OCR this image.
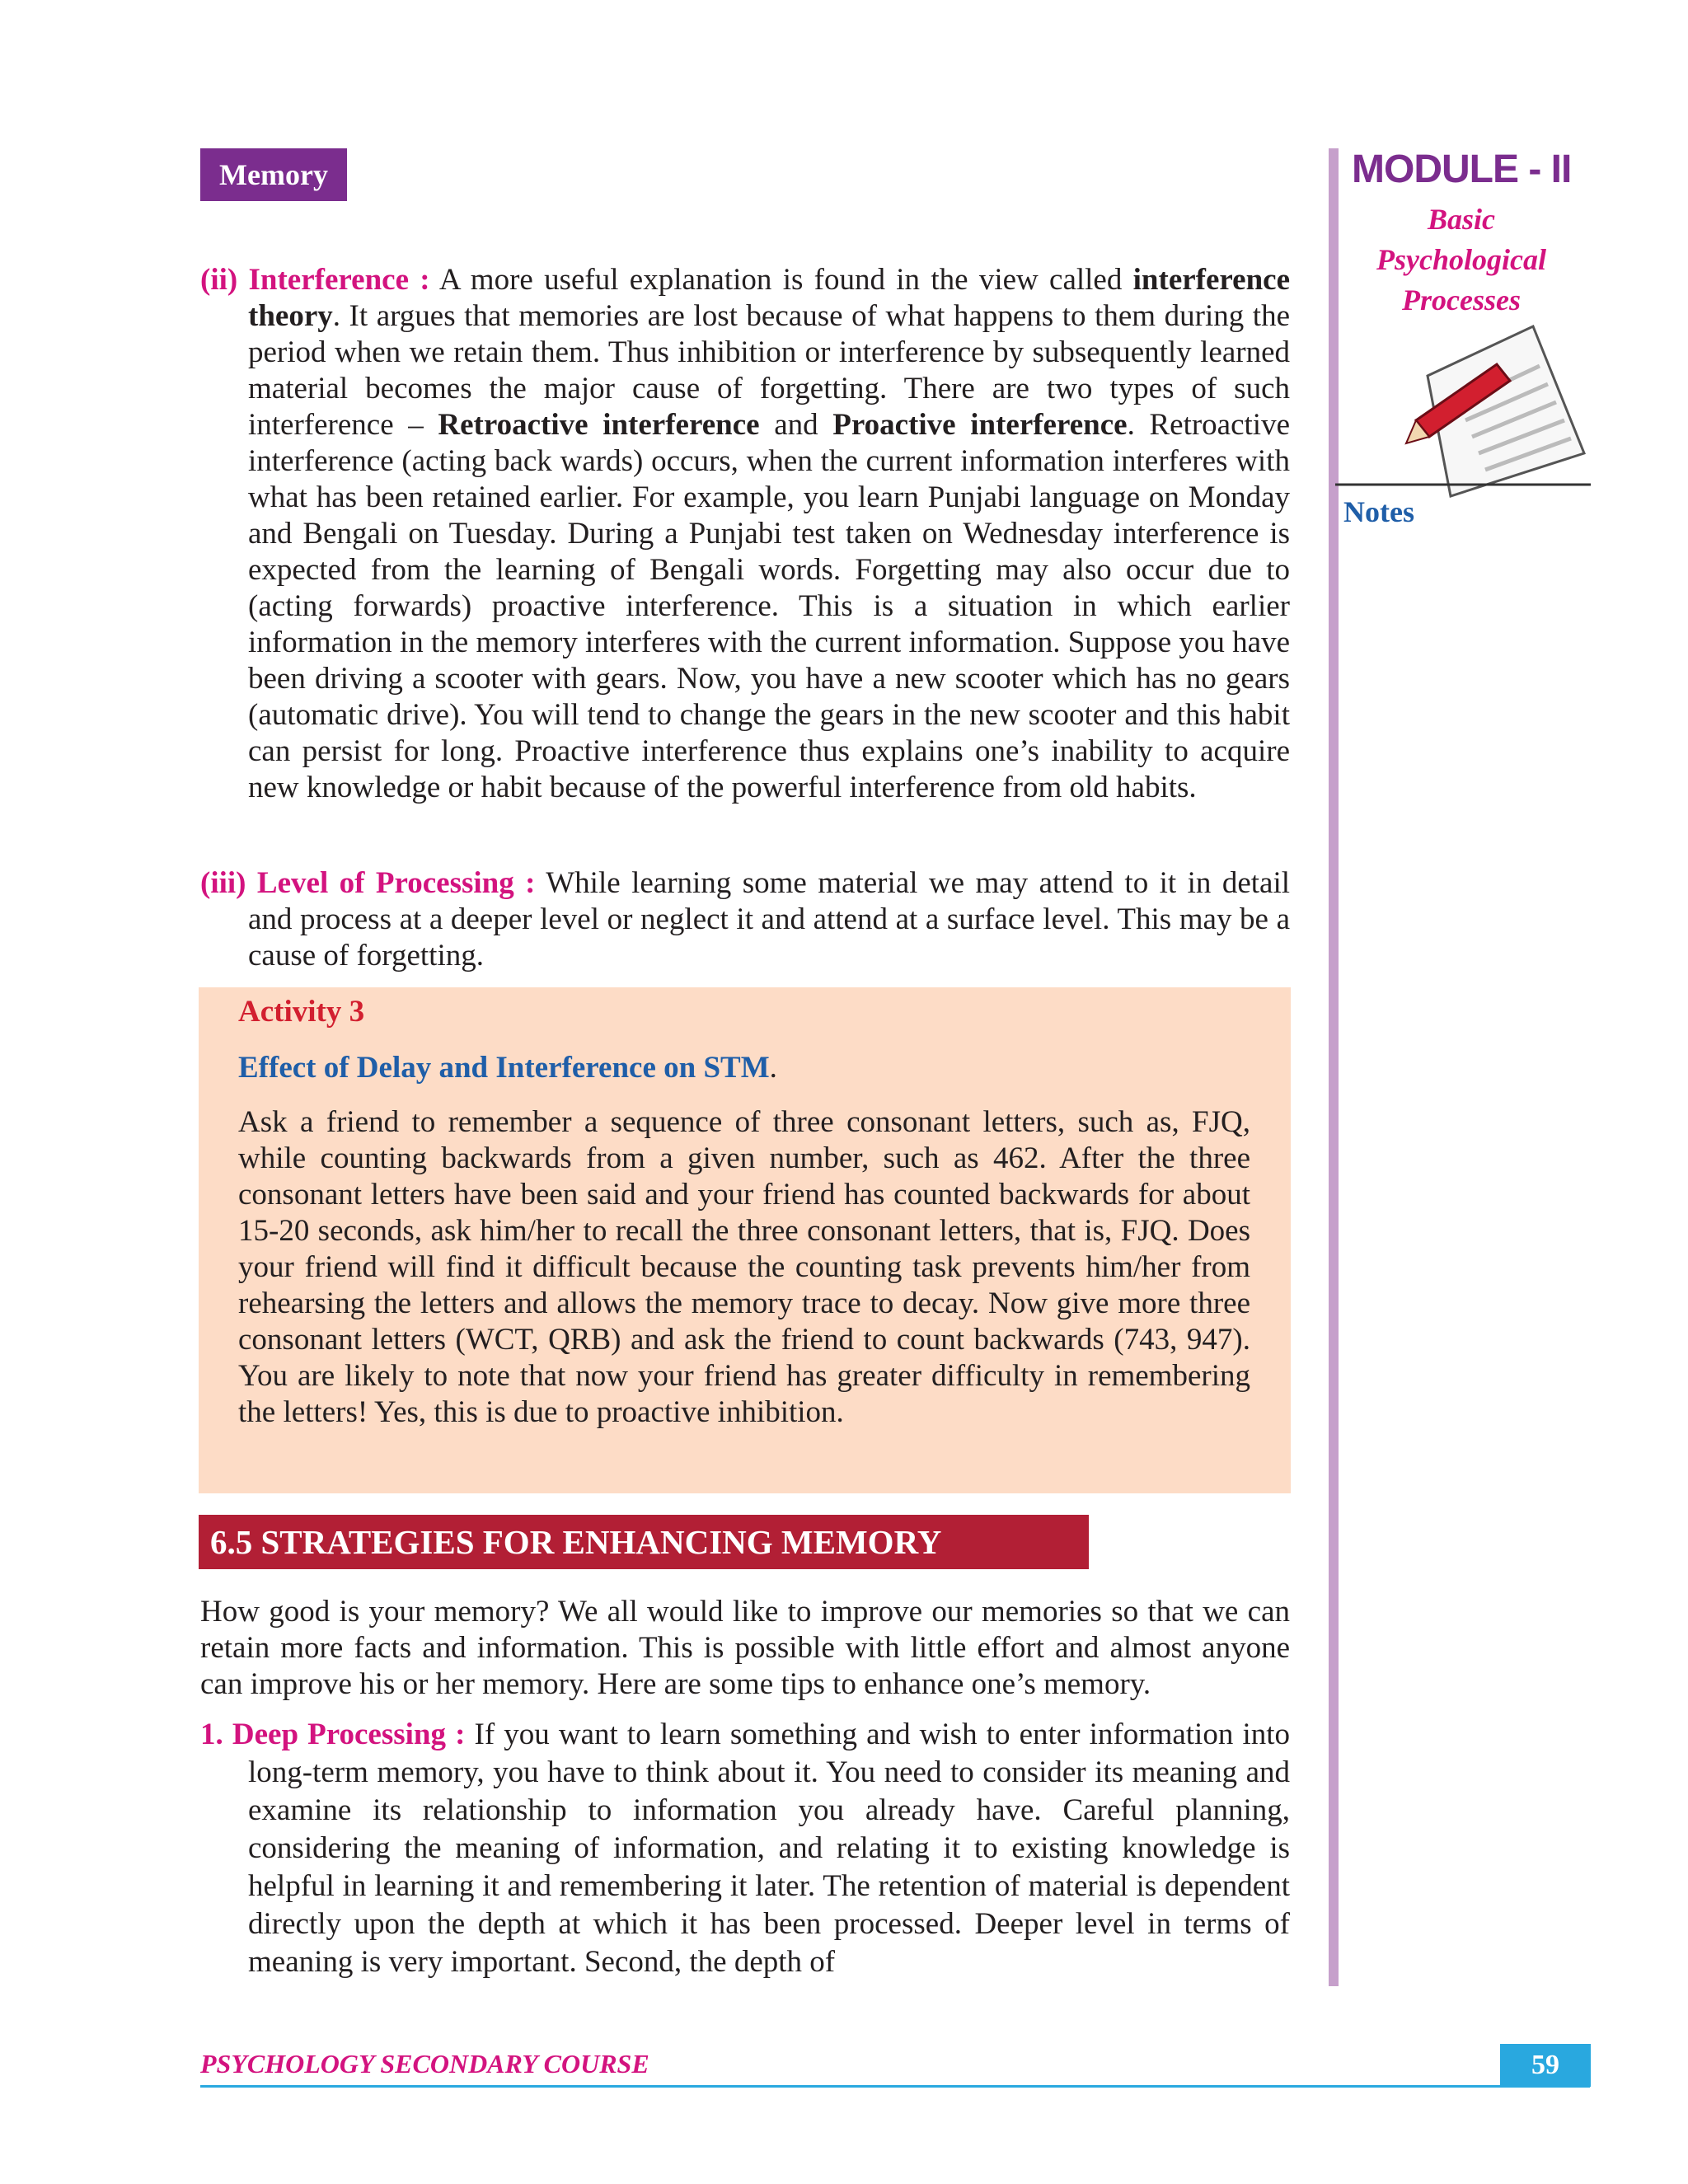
Memory	MODULE - II
Basic
Psychological
Processes
Notes

(ii) Interference : A more useful explanation is found in the view called interference theory. It argues that memories are lost because of what happens to them during the period when we retain them. Thus inhibition or interference by subsequently learned material becomes the major cause of forgetting. There are two types of such interference – Retroactive interference and Proactive interference. Retroactive interference (acting back wards) occurs, when the current information interferes with what has been retained earlier. For example, you learn Punjabi language on Monday and Bengali on Tuesday. During a Punjabi test taken on Wednesday interference is expected from the learning of Bengali words. Forgetting may also occur due to (acting forwards) proactive interference. This is a situation in which earlier information in the memory interferes with the current information. Suppose you have been driving a scooter with gears. Now, you have a new scooter which has no gears (automatic drive). You will tend to change the gears in the new scooter and this habit can persist for long. Proactive interference thus explains one’s inability to acquire new knowledge or habit because of the powerful interference from old habits.

(iii) Level of Processing : While learning some material we may attend to it in detail and process at a deeper level or neglect it and attend at a surface level. This may be a cause of forgetting.

Activity 3
Effect of Delay and Interference on STM.

Ask a friend to remember a sequence of three consonant letters, such as, FJQ, while counting backwards from a given number, such as 462. After the three consonant letters have been said and your friend has counted backwards for about 15-20 seconds, ask him/her to recall the three consonant letters, that is, FJQ. Does your friend will find it difficult because the counting task prevents him/her from rehearsing the letters and allows the memory trace to decay. Now give more three consonant letters (WCT, QRB) and ask the friend to count backwards (743, 947). You are likely to note that now your friend has greater difficulty in remembering the letters! Yes, this is due to proactive inhibition.

6.5 STRATEGIES FOR ENHANCING MEMORY

How good is your memory? We all would like to improve our memories so that we can retain more facts and information. This is possible with little effort and almost anyone can improve his or her memory. Here are some tips to enhance one’s memory.

1. Deep Processing : If you want to learn something and wish to enter information into long-term memory, you have to think about it. You need to consider its meaning and examine its relationship to information you already have. Careful planning, considering the meaning of information, and relating it to existing knowledge is helpful in learning it and remembering it later. The retention of material is dependent directly upon the depth at which it has been processed. Deeper level in terms of meaning is very important. Second, the depth of

PSYCHOLOGY SECONDARY COURSE	59
